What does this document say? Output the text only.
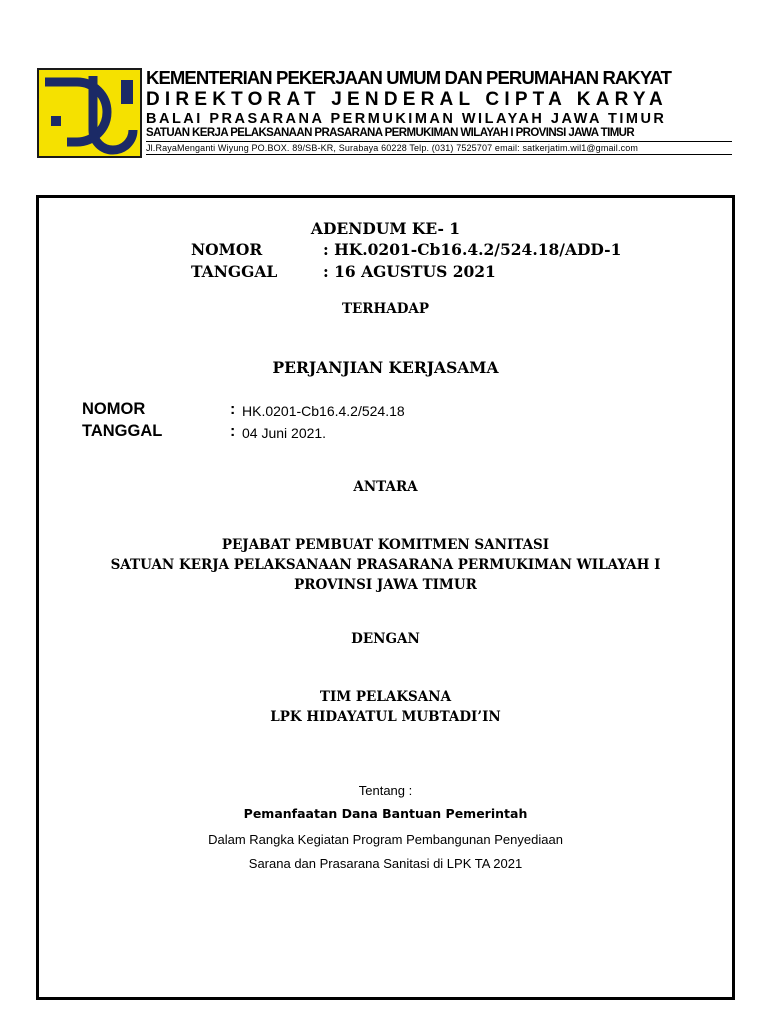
KEMENTERIAN PEKERJAAN UMUM DAN PERUMAHAN RAKYAT
DIREKTORAT JENDERAL CIPTA KARYA
BALAI PRASARANA PERMUKIMAN WILAYAH JAWA TIMUR
SATUAN KERJA PELAKSANAAN PRASARANA PERMUKIMAN WILAYAH I PROVINSI JAWA TIMUR
Jl.RayaMenganti Wiyung PO.BOX. 89/SB-KR, Surabaya 60228 Telp. (031) 7525707 email: satkerjatim.wil1@gmail.com
ADENDUM KE- 1
NOMOR	: HK.0201-Cb16.4.2/524.18/ADD-1
TANGGAL	: 16 AGUSTUS 2021
TERHADAP
PERJANJIAN KERJASAMA
NOMOR	: HK.0201-Cb16.4.2/524.18
TANGGAL	: 04 Juni 2021.
ANTARA
PEJABAT PEMBUAT KOMITMEN SANITASI
SATUAN KERJA PELAKSANAAN PRASARANA PERMUKIMAN WILAYAH I
PROVINSI JAWA TIMUR
DENGAN
TIM PELAKSANA
LPK HIDAYATUL MUBTADI’IN
Tentang :
Pemanfaatan Dana Bantuan Pemerintah
Dalam Rangka Kegiatan Program Pembangunan Penyediaan
Sarana dan Prasarana Sanitasi di LPK TA 2021
